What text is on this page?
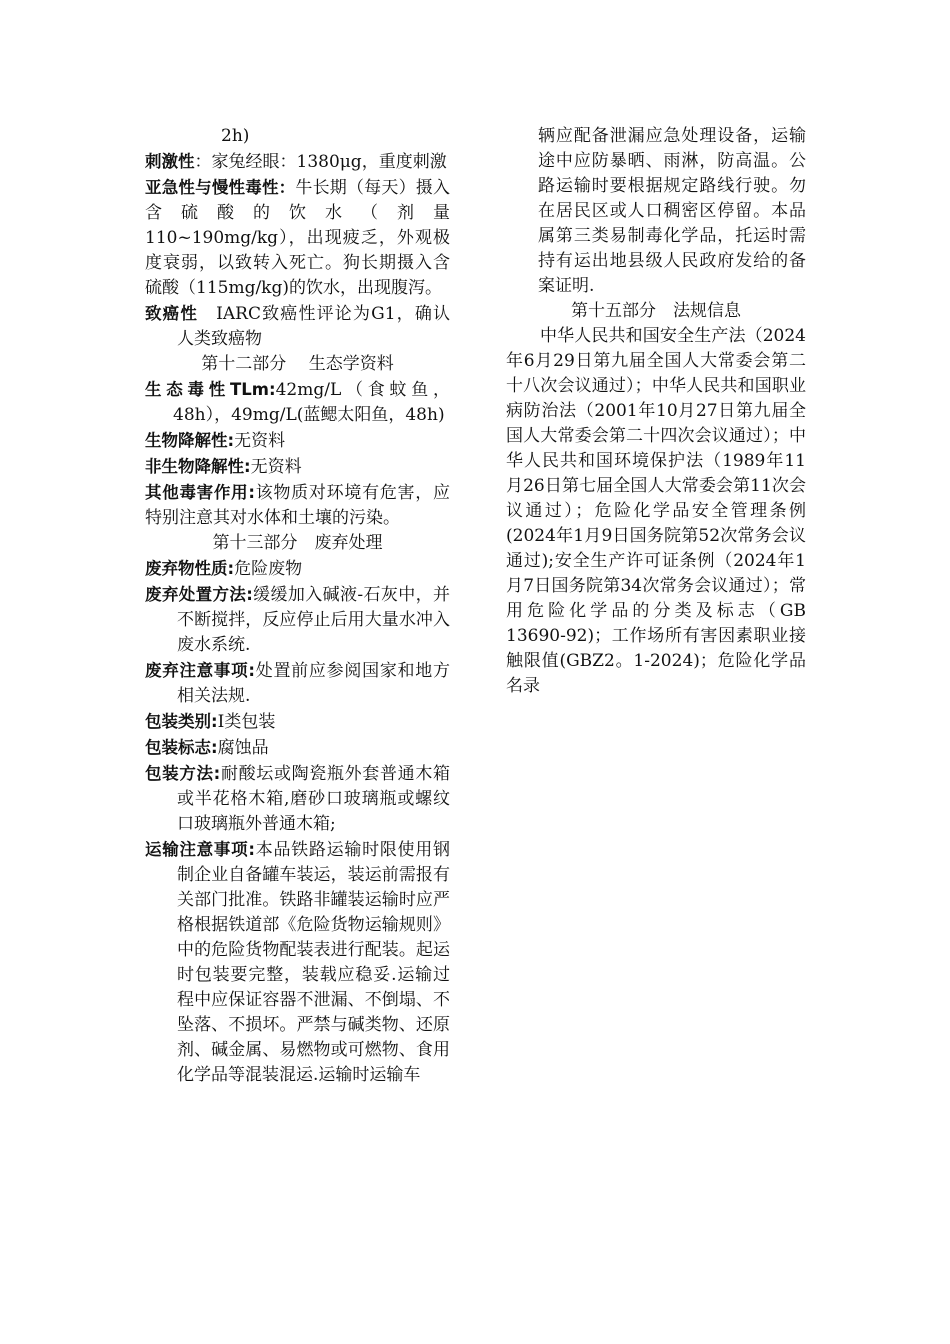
2h)

刺激性：家兔经眼：1380μg，重度刺激

亚急性与慢性毒性：牛长期（每天）摄入含硫酸的饮水（剂量110~190mg/kg），出现疲乏，外观极度衰弱，以致转入死亡。狗长期摄入含硫酸（115mg/kg)的饮水，出现腹泻。

致癌性　IARC致癌性评论为G1，确认人类致癌物

第十二部分　 生态学资料

生态毒性TLm:42mg/L（食蚊鱼，48h），49mg/L(蓝鳃太阳鱼，48h)

生物降解性:无资料

非生物降解性:无资料

其他毒害作用:该物质对环境有危害，应特别注意其对水体和土壤的污染。

第十三部分　废弃处理

废弃物性质:危险废物

废弃处置方法:缓缓加入碱液-石灰中，并不断搅拌，反应停止后用大量水冲入废水系统.

废弃注意事项:处置前应参阅国家和地方相关法规.

包装类别:Ⅰ类包装

包装标志:腐蚀品

包装方法:耐酸坛或陶瓷瓶外套普通木箱或半花格木箱,磨砂口玻璃瓶或螺纹口玻璃瓶外普通木箱;

运输注意事项:本品铁路运输时限使用钢制企业自备罐车装运，装运前需报有关部门批准。铁路非罐装运输时应严格根据铁道部《危险货物运输规则》中的危险货物配装表进行配装。起运时包装要完整，装载应稳妥.运输过程中应保证容器不泄漏、不倒塌、不坠落、不损坏。严禁与碱类物、还原剂、碱金属、易燃物或可燃物、食用化学品等混装混运.运输时运输车

辆应配备泄漏应急处理设备，运输途中应防暴晒、雨淋，防高温。公路运输时要根据规定路线行驶。勿在居民区或人口稠密区停留。本品属第三类易制毒化学品，托运时需持有运出地县级人民政府发给的备案证明.

第十五部分　法规信息

中华人民共和国安全生产法（2024年6月29日第九届全国人大常委会第二十八次会议通过）；中华人民共和国职业病防治法（2001年10月27日第九届全国人大常委会第二十四次会议通过）；中华人民共和国环境保护法（1989年11月26日第七届全国人大常委会第11次会议通过）；危险化学品安全管理条例(2024年1月9日国务院第52次常务会议通过);安全生产许可证条例（2024年1月7日国务院第34次常务会议通过）；常用危险化学品的分类及标志（GB 13690-92)；工作场所有害因素职业接触限值(GBZ2。1-2024)；危险化学品名录
